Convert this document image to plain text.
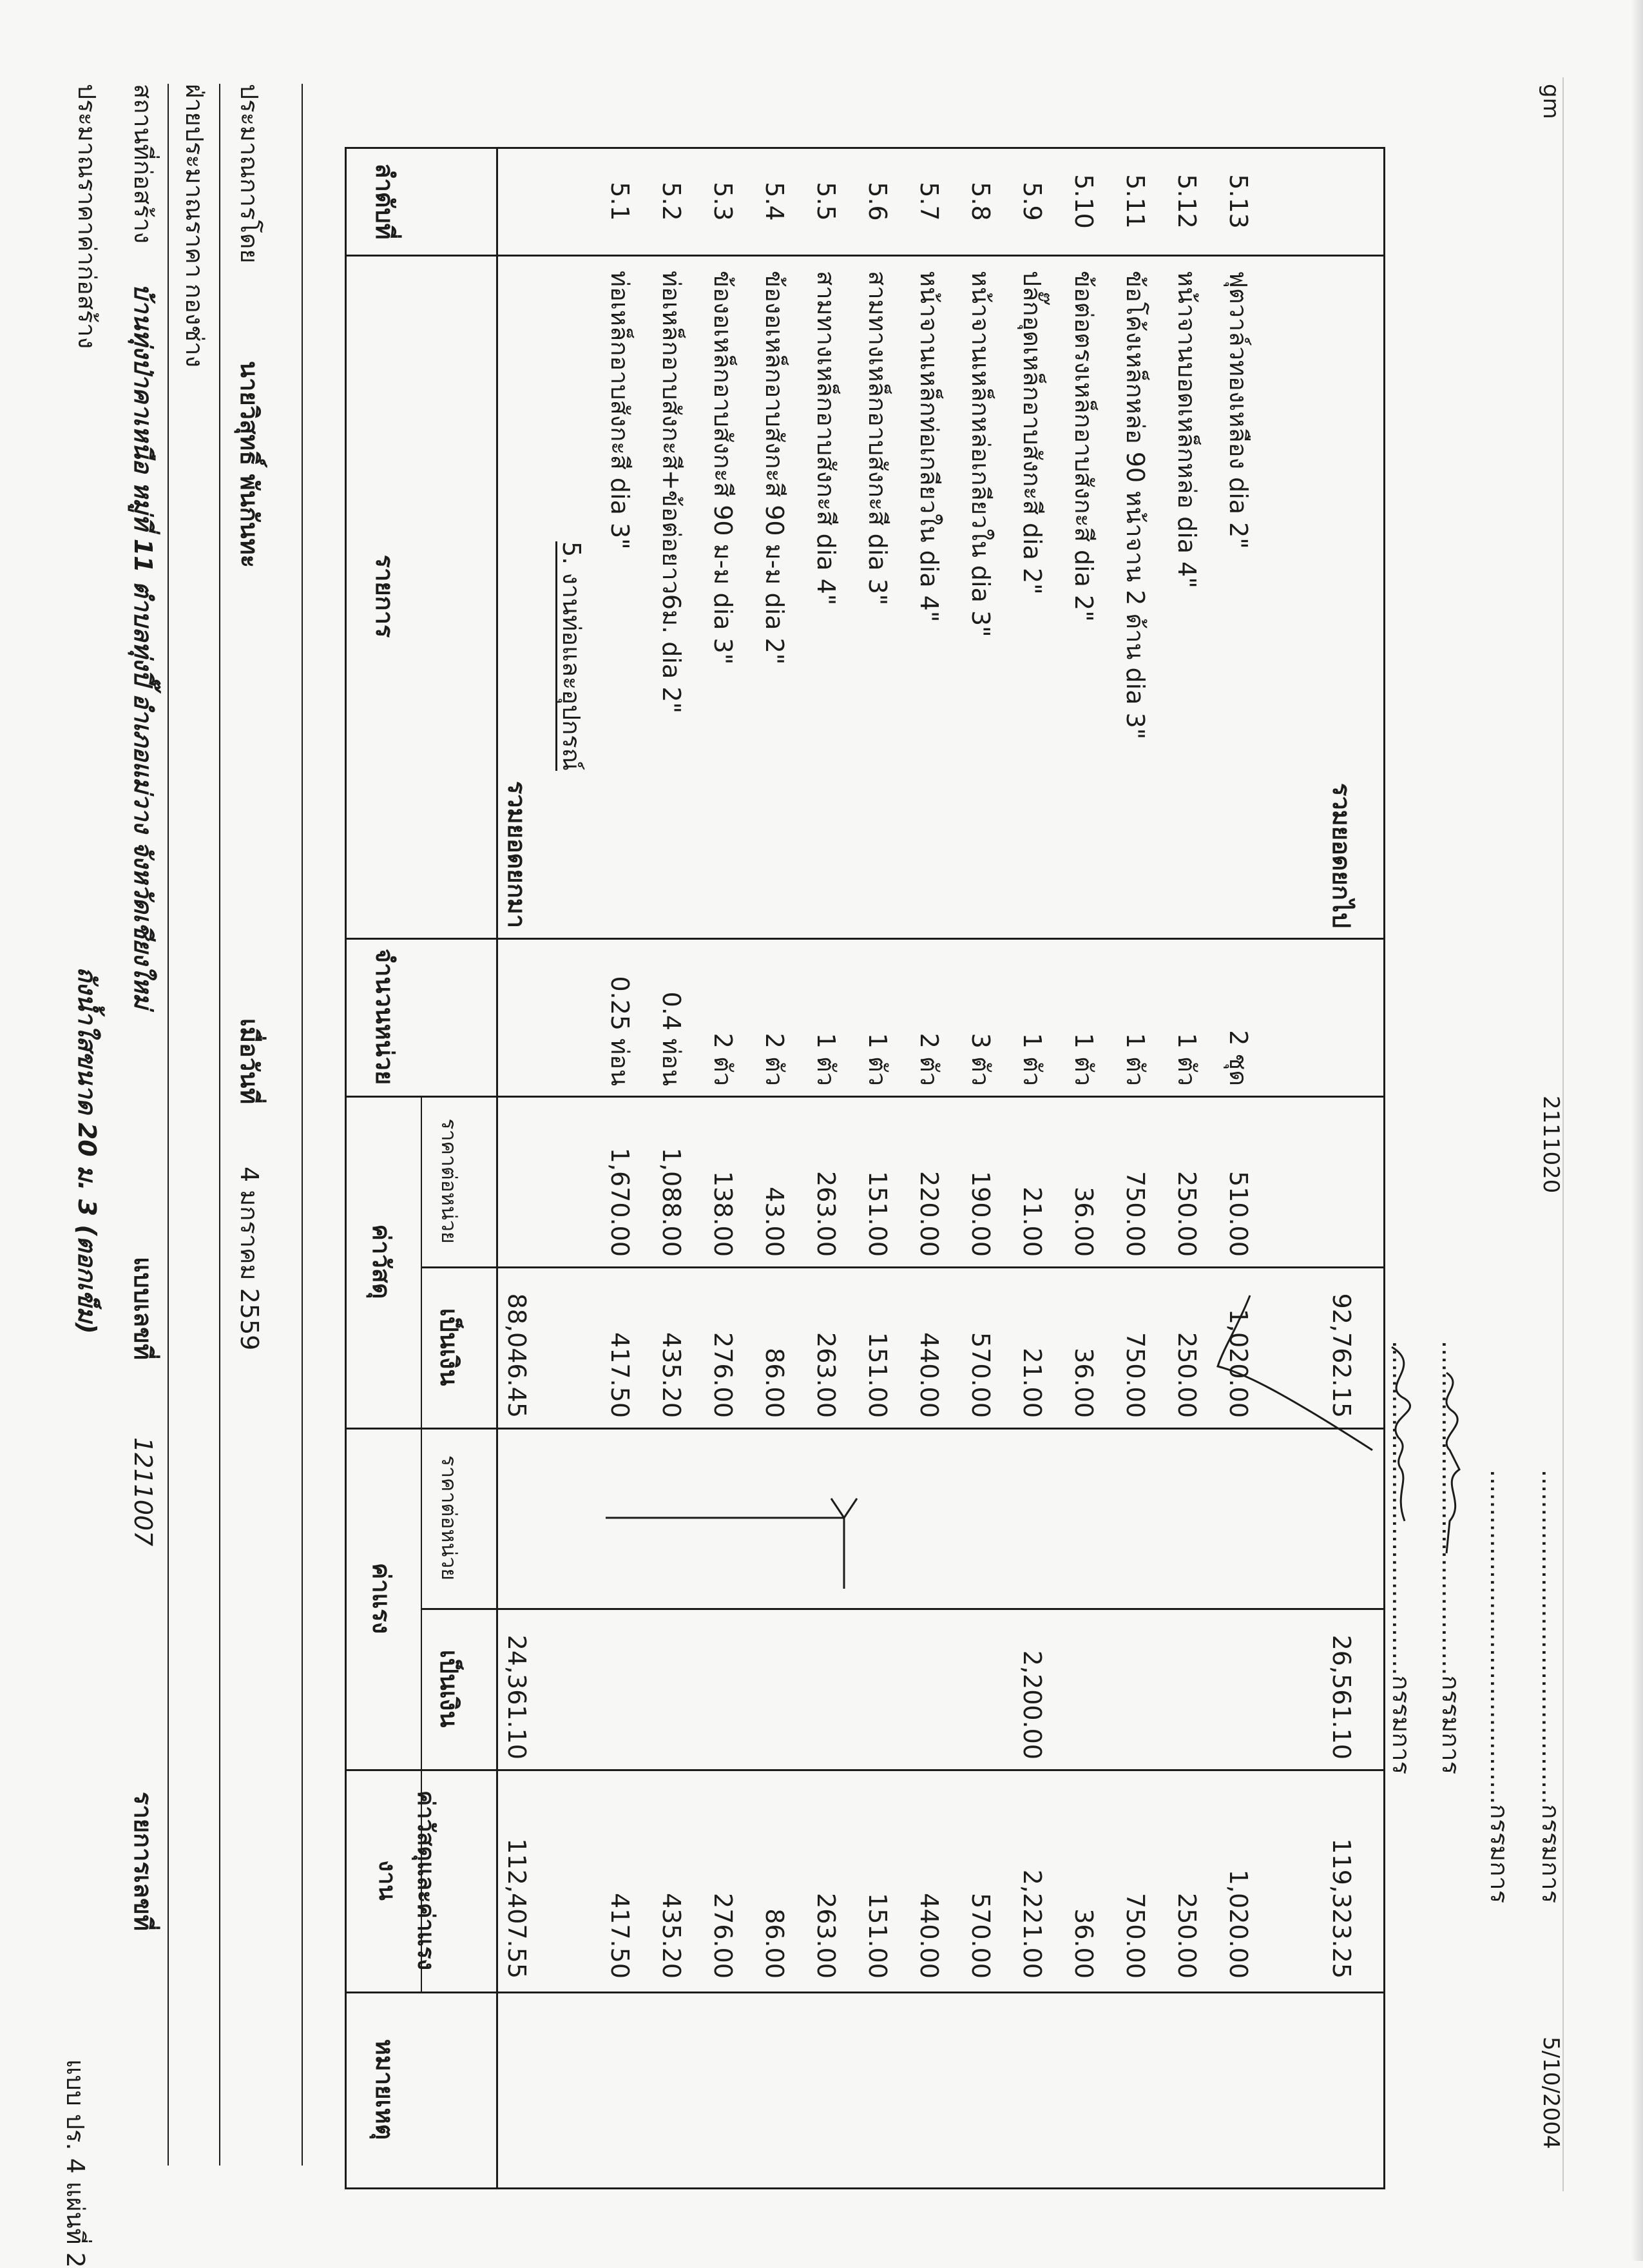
แบบ ปร. 4 แผ่นที่ 2
ประมาณราคาค่าก่อสร้าง
ถังน้ำใสขนาด 20 ม. 3 (ตอกเข็ม)
สถานที่ก่อสร้าง
บ้านทุ่งป่าคาเหนือ หมู่ที่ 11 ตำบลทุ่งปี๊ อำเภอแม่วาง จังหวัดเชียงใหม่
แบบเลขที่
1211007
รายการเลขที่
ฝ่ายประมาณราคา
กองช่าง
ประมาณการโดย
นายวิสุทธิ์ พันกันทะ
เมื่อวันที่
4 มกราคม 2559
ลำดับที่
รายการ
จำนวนหน่วย
ค่าวัสดุ
ราคาต่อหน่วย
เป็นเงิน
ค่าแรง
ราคาต่อหน่วย
เป็นเงิน
ค่าวัสดุและค่าแรงงาน
หมายเหตุ
รวมยอดยกมา
88,046.45
24,361.10
112,407.55
5. งานท่อและอุปกรณ์
5.1
ท่อเหล็กอาบสังกะสี dia 3"
0.25 ท่อน
1,670.00
417.50
417.50
5.2
ท่อเหล็กอาบสังกะสี+ข้อต่อยาว6ม. dia 2"
0.4 ท่อน
1,088.00
435.20
435.20
5.3
ข้องอเหล็กอาบสังกะสี 90 ม-ม dia 3"
2 ตัว
138.00
276.00
276.00
5.4
ข้องอเหล็กอาบสังกะสี 90 ม-ม dia 2"
2 ตัว
43.00
86.00
86.00
5.5
สามทางเหล็กอาบสังกะสี dia 4"
1 ตัว
263.00
263.00
263.00
5.6
สามทางเหล็กอาบสังกะสี dia 3"
1 ตัว
151.00
151.00
151.00
5.7
หน้าจานเหล็กท่อเกลียวใน dia 4"
2 ตัว
220.00
440.00
440.00
5.8
หน้าจานเหล็กหล่อเกลียวใน dia 3"
3 ตัว
190.00
570.00
570.00
5.9
ปลั๊กอุดเหล็กอาบสังกะสี dia 2"
1 ตัว
21.00
21.00
2,200.00
2,221.00
5.10
ข้อต่อตรงเหล็กอาบสังกะสี dia 2"
1 ตัว
36.00
36.00
36.00
5.11
ข้อโค้งเหล็กหล่อ 90 หน้าจาน 2 ด้าน dia 3"
1 ตัว
750.00
750.00
750.00
5.12
หน้าจานบอดเหล็กหล่อ dia 4"
1 ตัว
250.00
250.00
250.00
5.13
ฟุตวาล์วทองเหลือง dia 2"
2 ชุด
510.00
1,020.00
1,020.00
รวมยอดยกไป
92,762.15
26,561.10
119,323.25
...........................................กรรมการ
...........................................กรรมการ ...........................................กรรมการ
...........................................กรรมการ
gm
2111020
5/10/2004
